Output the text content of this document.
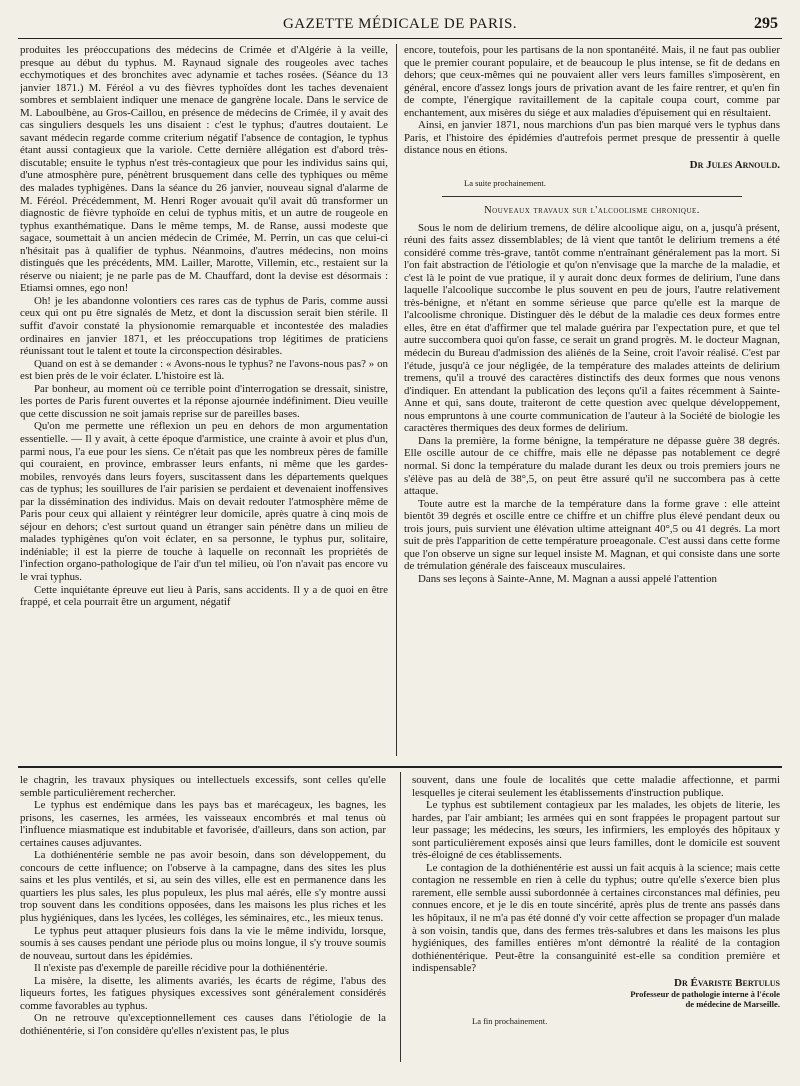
GAZETTE MÉDICALE DE PARIS.	295

produites les préoccupations des médecins de Crimée et d'Algérie à la veille, presque au début du typhus. M. Raynaud signale des rougeoles avec taches ecchymotiques et des bronchites avec adynamie et taches rosées. (Séance du 13 janvier 1871.) M. Féréol a vu des fièvres typhoïdes dont les taches devenaient sombres et semblaient indiquer une menace de gangrène locale. Dans le service de M. Laboulbène, au Gros-Caillou, en présence de médecins de Crimée, il y avait des cas singuliers desquels les uns disaient : c'est le typhus; d'autres doutaient. Le savant médecin regarde comme criterium négatif l'absence de contagion, le typhus étant aussi contagieux que la variole. Cette dernière allégation est d'abord très-discutable; ensuite le typhus n'est très-contagieux que pour les individus sains qui, d'une atmosphère pure, pénètrent brusquement dans celle des typhiques ou même des malades typhigènes. Dans la séance du 26 janvier, nouveau signal d'alarme de M. Féréol. Précédemment, M. Henri Roger avouait qu'il avait dû transformer un diagnostic de fièvre typhoïde en celui de typhus mitis, et un autre de rougeole en typhus exanthématique. Dans le même temps, M. de Ranse, aussi modeste que sagace, soumettait à un ancien médecin de Crimée, M. Perrin, un cas que celui-ci n'hésitait pas à qualifier de typhus. Néanmoins, d'autres médecins, non moins distingués que les précédents, MM. Lailler, Marotte, Villemin, etc., restaient sur la réserve ou niaient; je ne parle pas de M. Chauffard, dont la devise est désormais : Etiamsi omnes, ego non!

Oh! je les abandonne volontiers ces rares cas de typhus de Paris, comme aussi ceux qui ont pu être signalés de Metz, et dont la discussion serait bien stérile. Il suffit d'avoir constaté la physionomie remarquable et incontestée des maladies ordinaires en janvier 1871, et les préoccupations trop légitimes de praticiens réunissant tout le talent et toute la circonspection désirables.

Quand on est à se demander : « Avons-nous le typhus? ne l'avons-nous pas? » on est bien près de le voir éclater. L'histoire est là.

Par bonheur, au moment où ce terrible point d'interrogation se dressait, sinistre, les portes de Paris furent ouvertes et la réponse ajournée indéfiniment. Dieu veuille que cette discussion ne soit jamais reprise sur de pareilles bases.

Qu'on me permette une réflexion un peu en dehors de mon argumentation essentielle. — Il y avait, à cette époque d'armistice, une crainte à avoir et plus d'un, parmi nous, l'a eue pour les siens. Ce n'était pas que les nombreux pères de famille qui couraient, en province, embrasser leurs enfants, ni même que les gardes-mobiles, renvoyés dans leurs foyers, suscitassent dans les départements quelques cas de typhus; les souillures de l'air parisien se perdaient et devenaient inoffensives par la dissémination des individus. Mais on devait redouter l'atmosphère même de Paris pour ceux qui allaient y réintégrer leur domicile, après quatre à cinq mois de séjour en dehors; c'est surtout quand un étranger sain pénètre dans un milieu de malades typhigènes qu'on voit éclater, en sa personne, le typhus pur, solitaire, indéniable; il est la pierre de touche à laquelle on reconnaît les propriétés de l'infection organo-pathologique de l'air d'un tel milieu, où l'on n'avait pas encore vu le vrai typhus.

Cette inquiétante épreuve eut lieu à Paris, sans accidents. Il y a de quoi en être frappé, et cela pourrait être un argument, négatif

encore, toutefois, pour les partisans de la non spontanéité. Mais, il ne faut pas oublier que le premier courant populaire, et de beaucoup le plus intense, se fit de dedans en dehors; que ceux-mêmes qui ne pouvaient aller vers leurs familles s'imposèrent, en général, encore d'assez longs jours de privation avant de les faire rentrer, et qu'en fin de compte, l'énergique ravitaillement de la capitale coupa court, comme par enchantement, aux misères du siége et aux maladies d'épuisement qui en résultaient.

Ainsi, en janvier 1871, nous marchions d'un pas bien marqué vers le typhus dans Paris, et l'histoire des épidémies d'autrefois permet presque de pressentir à quelle distance nous en étions.

Dr Jules Arnould.
La suite prochainement.
Nouveaux travaux sur l'alcoolisme chronique.

Sous le nom de delirium tremens, de délire alcoolique aigu, on a, jusqu'à présent, réuni des faits assez dissemblables; de là vient que tantôt le delirium tremens a été considéré comme très-grave, tantôt comme n'entraînant généralement pas la mort. Si l'on fait abstraction de l'étiologie et qu'on n'envisage que la marche de la maladie, et c'est là le point de vue pratique, il y aurait donc deux formes de delirium, l'une dans laquelle l'alcoolique succombe le plus souvent en peu de jours, l'autre relativement très-bénigne, et n'étant en somme sérieuse que parce qu'elle est la marque de l'alcoolisme chronique. Distinguer dès le début de la maladie ces deux formes entre elles, être en état d'affirmer que tel malade guérira par l'expectation pure, et que tel autre succombera quoi qu'on fasse, ce serait un grand progrès. M. le docteur Magnan, médecin du Bureau d'admission des aliénés de la Seine, croit l'avoir réalisé. C'est par l'étude, jusqu'à ce jour négligée, de la température des malades atteints de delirium tremens, qu'il a trouvé des caractères distinctifs des deux formes que nous venons d'indiquer. En attendant la publication des leçons qu'il a faites récemment à Sainte-Anne et qui, sans doute, traiteront de cette question avec quelque développement, nous empruntons à une courte communication de l'auteur à la Société de biologie les caractères thermiques des deux formes de delirium.

Dans la première, la forme bénigne, la température ne dépasse guère 38 degrés. Elle oscille autour de ce chiffre, mais elle ne dépasse pas notablement ce degré normal. Si donc la température du malade durant les deux ou trois premiers jours ne s'élève pas au delà de 38°,5, on peut être assuré qu'il ne succombera pas à cette attaque.

Toute autre est la marche de la température dans la forme grave : elle atteint bientôt 39 degrés et oscille entre ce chiffre et un chiffre plus élevé pendant deux ou trois jours, puis survient une élévation ultime atteignant 40°,5 ou 41 degrés. La mort suit de près l'apparition de cette température proeagonale. C'est aussi dans cette forme que l'on observe un signe sur lequel insiste M. Magnan, et qui consiste dans une sorte de trémulation générale des faisceaux musculaires.

Dans ses leçons à Sainte-Anne, M. Magnan a aussi appelé l'attention

le chagrin, les travaux physiques ou intellectuels excessifs, sont celles qu'elle semble particulièrement rechercher.

Le typhus est endémique dans les pays bas et marécageux, les bagnes, les prisons, les casernes, les armées, les vaisseaux encombrés et mal tenus où l'influence miasmatique est indubitable et favorisée, d'ailleurs, dans son action, par certaines causes adjuvantes.

La dothiénentérie semble ne pas avoir besoin, dans son développement, du concours de cette influence; on l'observe à la campagne, dans des sites les plus sains et les plus ventilés, et si, au sein des villes, elle est en permanence dans les quartiers les plus sales, les plus populeux, les plus mal aérés, elle s'y montre aussi trop souvent dans les conditions opposées, dans les maisons les plus riches et les plus hygiéniques, dans les lycées, les colléges, les séminaires, etc., les mieux tenus.

Le typhus peut attaquer plusieurs fois dans la vie le même individu, lorsque, soumis à ses causes pendant une période plus ou moins longue, il s'y trouve soumis de nouveau, surtout dans les épidémies.

Il n'existe pas d'exemple de pareille récidive pour la dothiénentérie.

La misère, la disette, les aliments avariés, les écarts de régime, l'abus des liqueurs fortes, les fatigues physiques excessives sont généralement considérés comme favorables au typhus.

On ne retrouve qu'exceptionnellement ces causes dans l'étiologie de la dothiénentérie, si l'on considère qu'elles n'existent pas, le plus

souvent, dans une foule de localités que cette maladie affectionne, et parmi lesquelles je citerai seulement les établissements d'instruction publique.

Le typhus est subtilement contagieux par les malades, les objets de literie, les hardes, par l'air ambiant; les armées qui en sont frappées le propagent partout sur leur passage; les médecins, les sœurs, les infirmiers, les employés des hôpitaux y sont particulièrement exposés ainsi que leurs familles, dont le domicile est souvent très-éloigné de ces établissements.

Le contagion de la dothiénentérie est aussi un fait acquis à la science; mais cette contagion ne ressemble en rien à celle du typhus; outre qu'elle s'exerce bien plus rarement, elle semble aussi subordonnée à certaines circonstances mal définies, peu connues encore, et je le dis en toute sincérité, après plus de trente ans passés dans les hôpitaux, il ne m'a pas été donné d'y voir cette affection se propager d'un malade à son voisin, tandis que, dans des fermes très-salubres et dans les maisons les plus hygiéniques, des familles entières m'ont démontré la réalité de la contagion dothiénentérique. Peut-être la consanguinité est-elle sa condition première et indispensable?

Dr Évariste Bertulus
Professeur de pathologie interne à l'école
de médecine de Marseille.
La fin prochainement.
